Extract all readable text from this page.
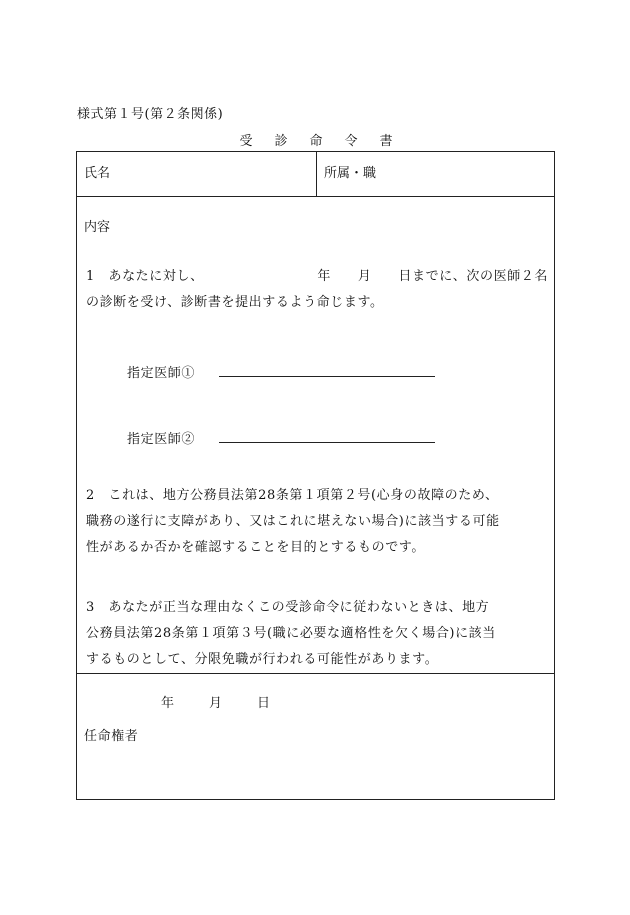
様式第１号(第２条関係)
受 診 命 令 書
氏名	所属・職
内容
1　あなたに対し、	年 月 日までに、次の医師２名
の診断を受け、診断書を提出するよう命じます。
指定医師①
指定医師②
2　これは、地方公務員法第28条第１項第２号(心身の故障のため、
職務の遂行に支障があり、又はこれに堪えない場合)に該当する可能
性があるか否かを確認することを目的とするものです。
3　あなたが正当な理由なくこの受診命令に従わないときは、地方
公務員法第28条第１項第３号(職に必要な適格性を欠く場合)に該当
するものとして、分限免職が行われる可能性があります。
年	月	日
任命権者
